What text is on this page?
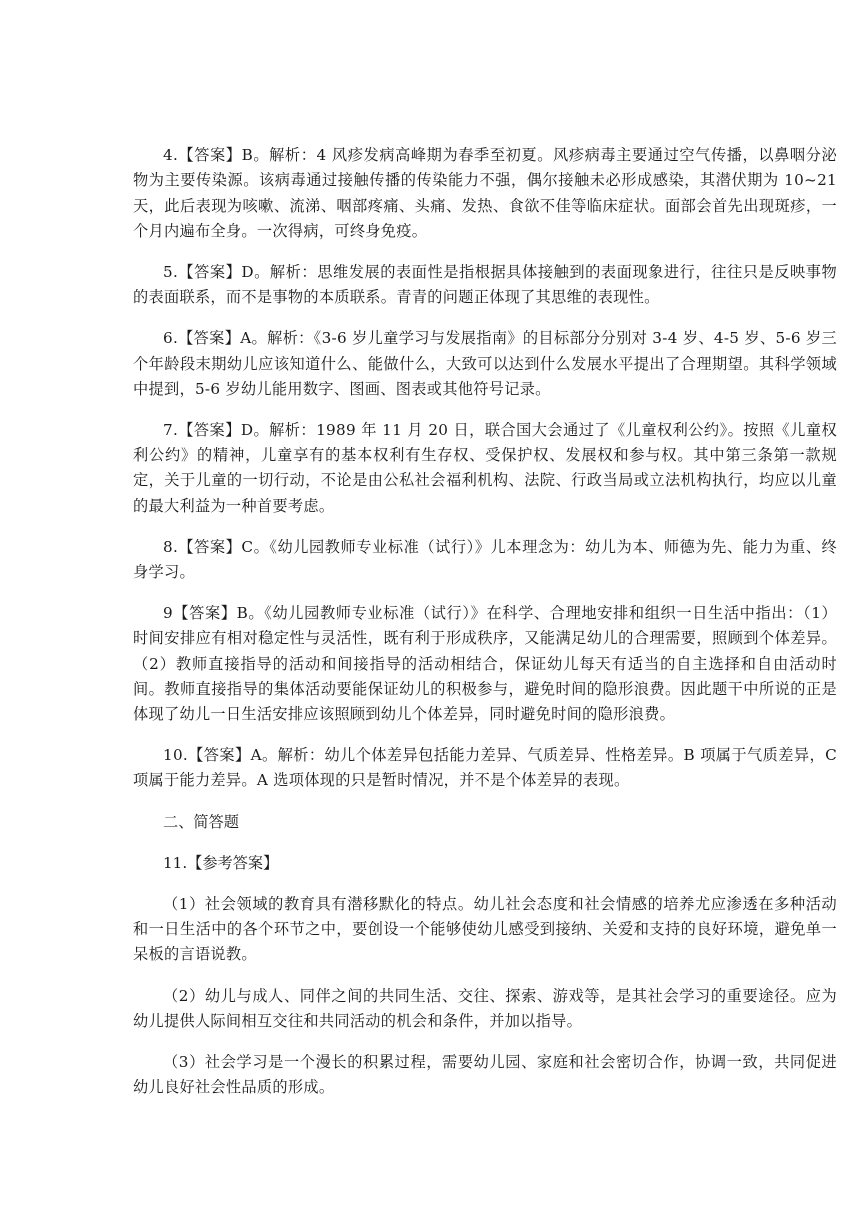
4.【答案】B。解析：4 风疹发病高峰期为春季至初夏。风疹病毒主要通过空气传播，以鼻咽分泌物为主要传染源。该病毒通过接触传播的传染能力不强，偶尔接触未必形成感染，其潜伏期为 10~21 天，此后表现为咳嗽、流涕、咽部疼痛、头痛、发热、食欲不佳等临床症状。面部会首先出现斑疹，一个月内遍布全身。一次得病，可终身免疫。

5.【答案】D。解析：思维发展的表面性是指根据具体接触到的表面现象进行，往往只是反映事物的表面联系，而不是事物的本质联系。青青的问题正体现了其思维的表现性。

6.【答案】A。解析：《3-6 岁儿童学习与发展指南》的目标部分分别对 3-4 岁、4-5 岁、5-6 岁三个年龄段末期幼儿应该知道什么、能做什么，大致可以达到什么发展水平提出了合理期望。其科学领域中提到，5-6 岁幼儿能用数字、图画、图表或其他符号记录。

7.【答案】D。解析：1989 年 11 月 20 日，联合国大会通过了《儿童权利公约》。按照《儿童权利公约》的精神，儿童享有的基本权利有生存权、受保护权、发展权和参与权。其中第三条第一款规定，关于儿童的一切行动，不论是由公私社会福利机构、法院、行政当局或立法机构执行，均应以儿童的最大利益为一种首要考虑。

8.【答案】C。《幼儿园教师专业标准（试行）》儿本理念为：幼儿为本、师德为先、能力为重、终身学习。

9【答案】B。《幼儿园教师专业标准（试行）》在科学、合理地安排和组织一日生活中指出：（1）时间安排应有相对稳定性与灵活性，既有利于形成秩序，又能满足幼儿的合理需要，照顾到个体差异。（2）教师直接指导的活动和间接指导的活动相结合，保证幼儿每天有适当的自主选择和自由活动时间。教师直接指导的集体活动要能保证幼儿的积极参与，避免时间的隐形浪费。因此题干中所说的正是体现了幼儿一日生活安排应该照顾到幼儿个体差异，同时避免时间的隐形浪费。

10.【答案】A。解析：幼儿个体差异包括能力差异、气质差异、性格差异。B 项属于气质差异，C 项属于能力差异。A 选项体现的只是暂时情况，并不是个体差异的表现。

二、简答题

11.【参考答案】

（1）社会领域的教育具有潜移默化的特点。幼儿社会态度和社会情感的培养尤应渗透在多种活动和一日生活中的各个环节之中，要创设一个能够使幼儿感受到接纳、关爱和支持的良好环境，避免单一呆板的言语说教。

（2）幼儿与成人、同伴之间的共同生活、交往、探索、游戏等，是其社会学习的重要途径。应为幼儿提供人际间相互交往和共同活动的机会和条件，并加以指导。

（3）社会学习是一个漫长的积累过程，需要幼儿园、家庭和社会密切合作，协调一致，共同促进幼儿良好社会性品质的形成。
